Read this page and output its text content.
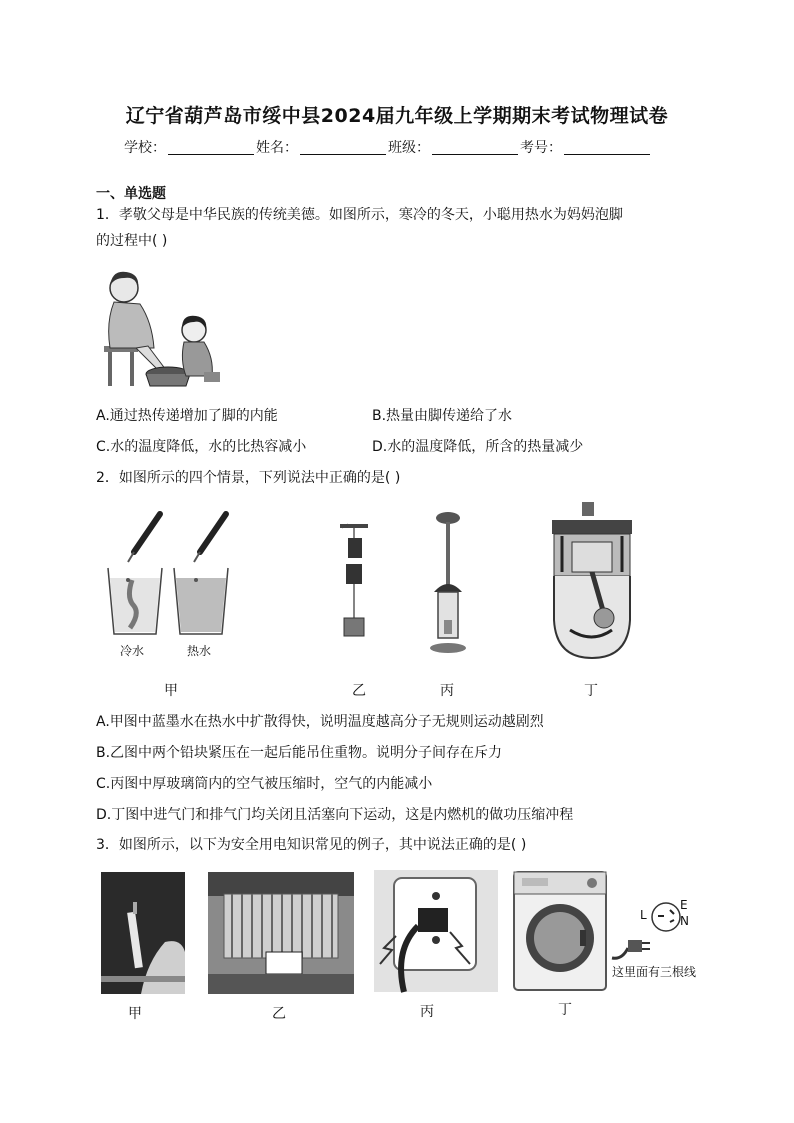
辽宁省葫芦岛市绥中县2024届九年级上学期期末考试物理试卷
学校：	姓名：	班级：	考号：
一、单选题
1．孝敬父母是中华民族的传统美德。如图所示，寒冷的冬天，小聪用热水为妈妈泡脚
的过程中( )
A.通过热传递增加了脚的内能	B.热量由脚传递给了水
C.水的温度降低，水的比热容减小	D.水的温度降低，所含的热量减少
2．如图所示的四个情景，下列说法中正确的是( )
冷水	热水
甲	乙	丙	丁
A.甲图中蓝墨水在热水中扩散得快，说明温度越高分子无规则运动越剧烈
B.乙图中两个铅块紧压在一起后能吊住重物。说明分子间存在斥力
C.丙图中厚玻璃筒内的空气被压缩时，空气的内能减小
D.丁图中进气门和排气门均关闭且活塞向下运动，这是内燃机的做功压缩冲程
3．如图所示，以下为安全用电知识常见的例子，其中说法正确的是( )
L
E
N
这里面有三根线
甲	乙	丙	丁
